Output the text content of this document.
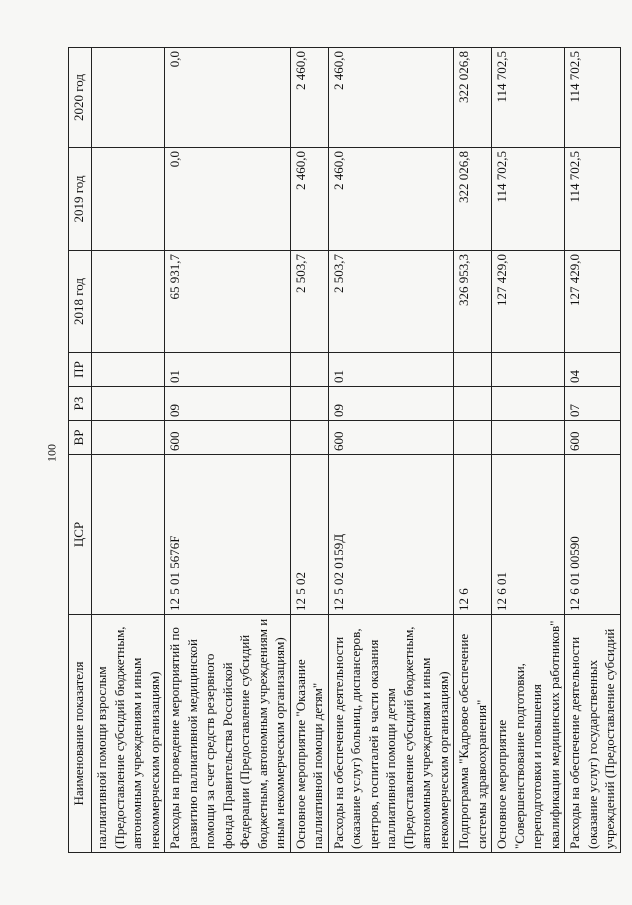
100
Наименование показателя	ЦСР	ВР	РЗ	ПР	2018 год	2019 год	2020 год
паллиативной помощи взрослым (Предоставление субсидий бюджетным, автономным учреждениям и иным некоммерческим организациям)							
Расходы на проведение мероприятий по развитию паллиативной медицинской помощи за счет средств резервного фонда Правительства Российской Федерации (Предоставление субсидий бюджетным, автономным учреждениям и иным некоммерческим организациям)	12 5 01 5676F	600	09	01	65 931,7	0,0	0,0
Основное мероприятие "Оказание паллиативной помощи детям"	12 5 02				2 503,7	2 460,0	2 460,0
Расходы на обеспечение деятельности (оказание услуг) больниц, диспансеров, центров, госпиталей в части оказания паллиативной помощи детям (Предоставление субсидий бюджетным, автономным учреждениям и иным некоммерческим организациям)	12 5 02 0159Д	600	09	01	2 503,7	2 460,0	2 460,0
Подпрограмма "Кадровое обеспечение системы здравоохранения"	12 6				326 953,3	322 026,8	322 026,8
Основное мероприятие "Совершенствование подготовки, переподготовки и повышения квалификации медицинских работников"	12 6 01				127 429,0	114 702,5	114 702,5
Расходы на обеспечение деятельности (оказание услуг) государственных учреждений (Предоставление субсидий	12 6 01 00590	600	07	04	127 429,0	114 702,5	114 702,5
